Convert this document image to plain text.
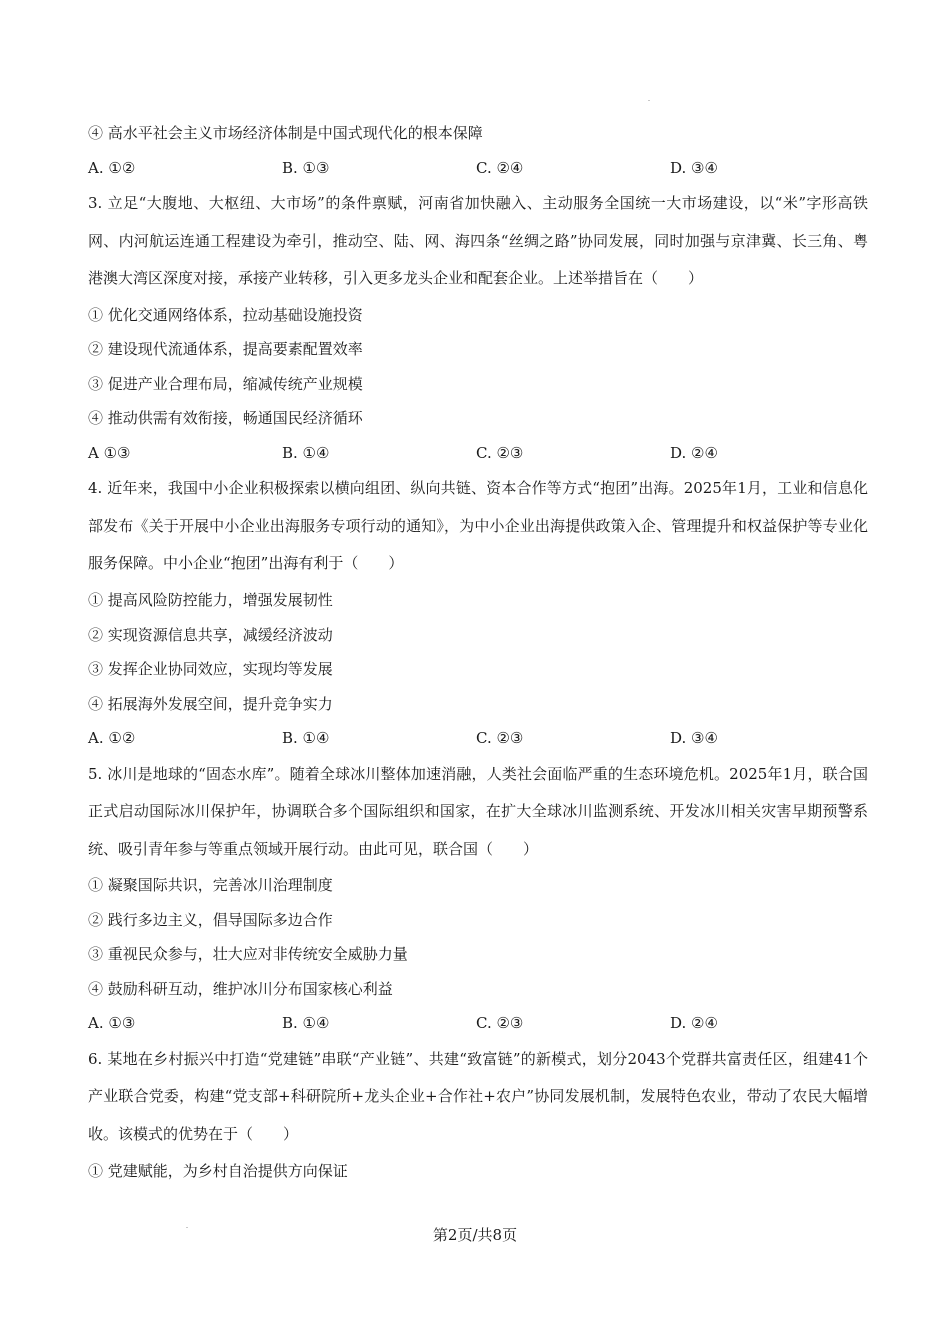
④ 高水平社会主义市场经济体制是中国式现代化的根本保障
A. ①②	B. ①③	C. ②④	D. ③④
3. 立足“大腹地、大枢纽、大市场”的条件禀赋，河南省加快融入、主动服务全国统一大市场建设，以“米”字形高铁网、内河航运连通工程建设为牵引，推动空、陆、网、海四条“丝绸之路”协同发展，同时加强与京津冀、长三角、粤港澳大湾区深度对接，承接产业转移，引入更多龙头企业和配套企业。上述举措旨在（　　）
① 优化交通网络体系，拉动基础设施投资
② 建设现代流通体系，提高要素配置效率
③ 促进产业合理布局，缩减传统产业规模
④ 推动供需有效衔接，畅通国民经济循环
A ①③	B. ①④	C. ②③	D. ②④
4. 近年来，我国中小企业积极探索以横向组团、纵向共链、资本合作等方式“抱团”出海。2025年1月，工业和信息化部发布《关于开展中小企业出海服务专项行动的通知》，为中小企业出海提供政策入企、管理提升和权益保护等专业化服务保障。中小企业“抱团”出海有利于（　　）
① 提高风险防控能力，增强发展韧性
② 实现资源信息共享，减缓经济波动
③ 发挥企业协同效应，实现均等发展
④ 拓展海外发展空间，提升竞争实力
A. ①②	B. ①④	C. ②③	D. ③④
5. 冰川是地球的“固态水库”。随着全球冰川整体加速消融，人类社会面临严重的生态环境危机。2025年1月，联合国正式启动国际冰川保护年，协调联合多个国际组织和国家，在扩大全球冰川监测系统、开发冰川相关灾害早期预警系统、吸引青年参与等重点领域开展行动。由此可见，联合国（　　）
① 凝聚国际共识，完善冰川治理制度
② 践行多边主义，倡导国际多边合作
③ 重视民众参与，壮大应对非传统安全威胁力量
④ 鼓励科研互动，维护冰川分布国家核心利益
A. ①③	B. ①④	C. ②③	D. ②④
6. 某地在乡村振兴中打造“党建链”串联“产业链”、共建“致富链”的新模式，划分2043个党群共富责任区，组建41个产业联合党委，构建“党支部+科研院所+龙头企业+合作社+农户”协同发展机制，发展特色农业，带动了农民大幅增收。该模式的优势在于（　　）
① 党建赋能，为乡村自治提供方向保证
第2页/共8页
